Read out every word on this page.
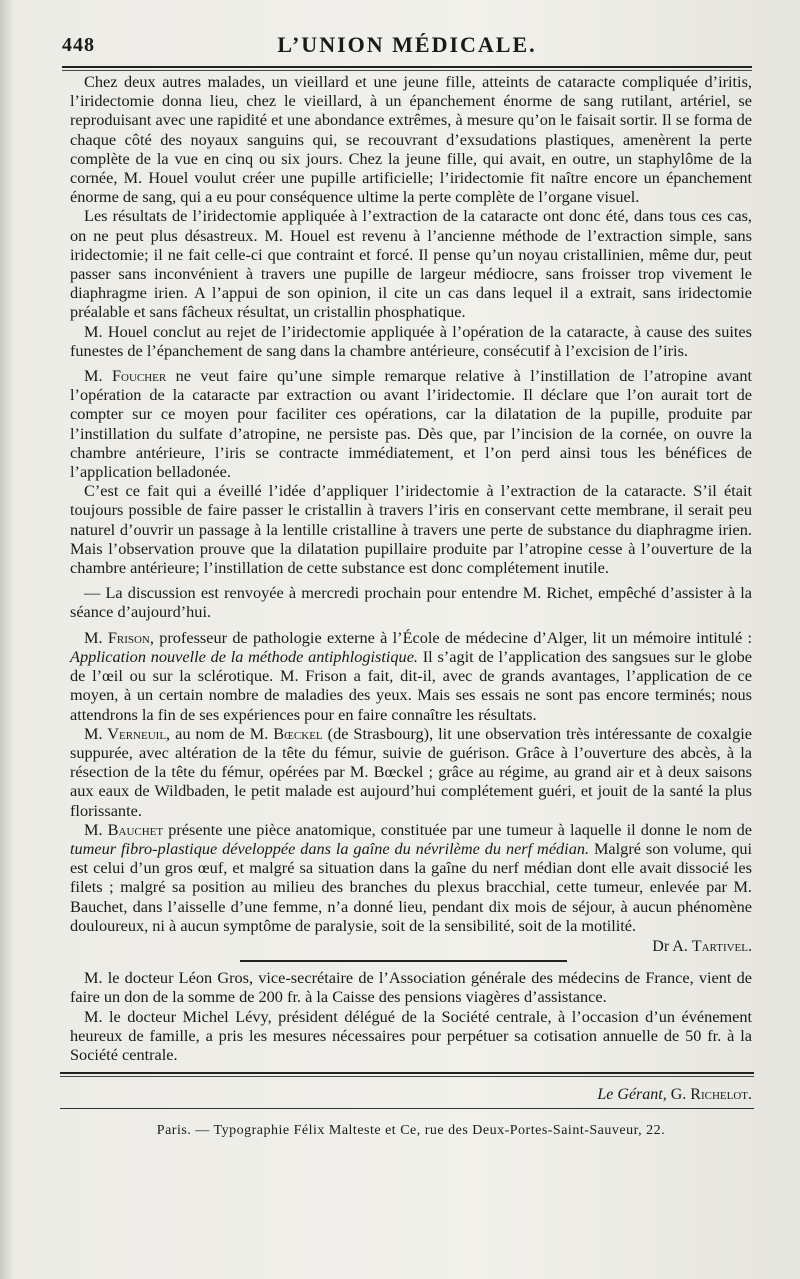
448	L’UNION MÉDICALE.

Chez deux autres malades, un vieillard et une jeune fille, atteints de cataracte compliquée d’iritis, l’iridectomie donna lieu, chez le vieillard, à un épanchement énorme de sang rutilant, artériel, se reproduisant avec une rapidité et une abondance extrêmes, à mesure qu’on le faisait sortir. Il se forma de chaque côté des noyaux sanguins qui, se recouvrant d’exsudations plastiques, amenèrent la perte complète de la vue en cinq ou six jours. Chez la jeune fille, qui avait, en outre, un staphylôme de la cornée, M. Houel voulut créer une pupille artificielle; l’iridectomie fit naître encore un épanchement énorme de sang, qui a eu pour conséquence ultime la perte complète de l’organe visuel.

Les résultats de l’iridectomie appliquée à l’extraction de la cataracte ont donc été, dans tous ces cas, on ne peut plus désastreux. M. Houel est revenu à l’ancienne méthode de l’extraction simple, sans iridectomie; il ne fait celle-ci que contraint et forcé. Il pense qu’un noyau cristallinien, même dur, peut passer sans inconvénient à travers une pupille de largeur médiocre, sans froisser trop vivement le diaphragme irien. A l’appui de son opinion, il cite un cas dans lequel il a extrait, sans iridectomie préalable et sans fâcheux résultat, un cristallin phosphatique.

M. Houel conclut au rejet de l’iridectomie appliquée à l’opération de la cataracte, à cause des suites funestes de l’épanchement de sang dans la chambre antérieure, consécutif à l’excision de l’iris.

M. Foucher ne veut faire qu’une simple remarque relative à l’instillation de l’atropine avant l’opération de la cataracte par extraction ou avant l’iridectomie. Il déclare que l’on aurait tort de compter sur ce moyen pour faciliter ces opérations, car la dilatation de la pupille, produite par l’instillation du sulfate d’atropine, ne persiste pas. Dès que, par l’incision de la cornée, on ouvre la chambre antérieure, l’iris se contracte immédiatement, et l’on perd ainsi tous les bénéfices de l’application belladonée.

C’est ce fait qui a éveillé l’idée d’appliquer l’iridectomie à l’extraction de la cataracte. S’il était toujours possible de faire passer le cristallin à travers l’iris en conservant cette membrane, il serait peu naturel d’ouvrir un passage à la lentille cristalline à travers une perte de substance du diaphragme irien. Mais l’observation prouve que la dilatation pupillaire produite par l’atropine cesse à l’ouverture de la chambre antérieure; l’instillation de cette substance est donc complétement inutile.

— La discussion est renvoyée à mercredi prochain pour entendre M. Richet, empêché d’assister à la séance d’aujourd’hui.

M. Frison, professeur de pathologie externe à l’École de médecine d’Alger, lit un mémoire intitulé : Application nouvelle de la méthode antiphlogistique. Il s’agit de l’application des sangsues sur le globe de l’œil ou sur la sclérotique. M. Frison a fait, dit-il, avec de grands avantages, l’application de ce moyen, à un certain nombre de maladies des yeux. Mais ses essais ne sont pas encore terminés; nous attendrons la fin de ses expériences pour en faire connaître les résultats.

M. Verneuil, au nom de M. Bœckel (de Strasbourg), lit une observation très intéressante de coxalgie suppurée, avec altération de la tête du fémur, suivie de guérison. Grâce à l’ouverture des abcès, à la résection de la tête du fémur, opérées par M. Bœckel ; grâce au régime, au grand air et à deux saisons aux eaux de Wildbaden, le petit malade est aujourd’hui complétement guéri, et jouit de la santé la plus florissante.

M. Bauchet présente une pièce anatomique, constituée par une tumeur à laquelle il donne le nom de tumeur fibro-plastique développée dans la gaîne du névrilème du nerf médian. Malgré son volume, qui est celui d’un gros œuf, et malgré sa situation dans la gaîne du nerf médian dont elle avait dissocié les filets ; malgré sa position au milieu des branches du plexus bracchial, cette tumeur, enlevée par M. Bauchet, dans l’aisselle d’une femme, n’a donné lieu, pendant dix mois de séjour, à aucun phénomène douloureux, ni à aucun symptôme de paralysie, soit de la sensibilité, soit de la motilité.

Dr A. Tartivel.

M. le docteur Léon Gros, vice-secrétaire de l’Association générale des médecins de France, vient de faire un don de la somme de 200 fr. à la Caisse des pensions viagères d’assistance.

M. le docteur Michel Lévy, président délégué de la Société centrale, à l’occasion d’un événement heureux de famille, a pris les mesures nécessaires pour perpétuer sa cotisation annuelle de 50 fr. à la Société centrale.

Le Gérant, G. Richelot.
Paris. — Typographie Félix Malteste et Ce, rue des Deux-Portes-Saint-Sauveur, 22.
